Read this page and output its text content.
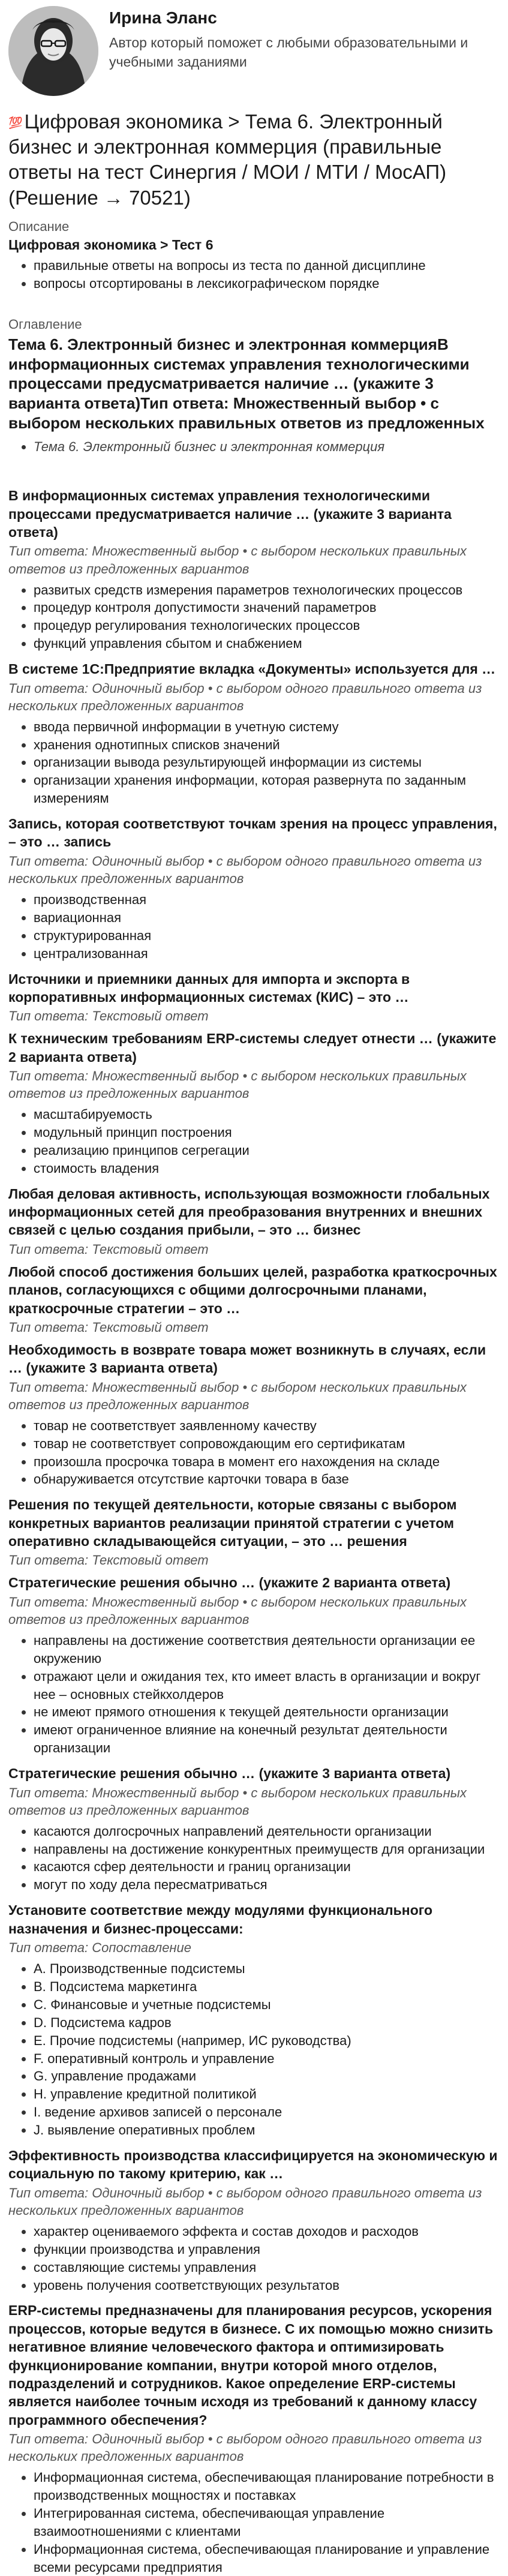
Ирина Эланс

Автор который поможет с любыми образовательными и учебными заданиями

💯Цифровая экономика > Тема 6. Электронный бизнес и электронная коммерция (правильные ответы на тест Синергия / МОИ / МТИ / МосАП) (Решение → 70521)

Описание

Цифровая экономика > Тест 6

• правильные ответы на вопросы из теста по данной дисциплине
• вопросы отсортированы в лексикографическом порядке

Оглавление

Тема 6. Электронный бизнес и электронная коммерцияВ информационных системах управления технологическими процессами предусматривается наличие … (укажите 3 варианта ответа)Тип ответа: Множественный выбор • с выбором нескольких правильных ответов из предложенных

• Тема 6. Электронный бизнес и электронная коммерция

В информационных системах управления технологическими процессами предусматривается наличие … (укажите 3 варианта ответа)

Тип ответа: Множественный выбор • с выбором нескольких правильных ответов из предложенных вариантов

• развитых средств измерения параметров технологических процессов
• процедур контроля допустимости значений параметров
• процедур регулирования технологических процессов
• функций управления сбытом и снабжением

В системе 1С:Предприятие вкладка «Документы» используется для …

Тип ответа: Одиночный выбор • с выбором одного правильного ответа из нескольких предложенных вариантов

• ввода первичной информации в учетную систему
• хранения однотипных списков значений
• организации вывода результирующей информации из системы
• организации хранения информации, которая развернута по заданным измерениям

Запись, которая соответствуют точкам зрения на процесс управления, – это … запись

Тип ответа: Одиночный выбор • с выбором одного правильного ответа из нескольких предложенных вариантов

• производственная
• вариационная
• структурированная
• централизованная

Источники и приемники данных для импорта и экспорта в корпоративных информационных системах (КИС) – это …

Тип ответа: Текстовый ответ

К техническим требованиям ERP-системы следует отнести … (укажите 2 варианта ответа)

Тип ответа: Множественный выбор • с выбором нескольких правильных ответов из предложенных вариантов

• масштабируемость
• модульный принцип построения
• реализацию принципов сегрегации
• стоимость владения

Любая деловая активность, использующая возможности глобальных информационных сетей для преобразования внутренних и внешних связей с целью создания прибыли, – это … бизнес

Тип ответа: Текстовый ответ

Любой способ достижения больших целей, разработка краткосрочных планов, согласующихся с общими долгосрочными планами, краткосрочные стратегии – это …

Тип ответа: Текстовый ответ

Необходимость в возврате товара может возникнуть в случаях, если … (укажите 3 варианта ответа)

Тип ответа: Множественный выбор • с выбором нескольких правильных ответов из предложенных вариантов

• товар не соответствует заявленному качеству
• товар не соответствует сопровождающим его сертификатам
• произошла просрочка товара в момент его нахождения на складе
• обнаруживается отсутствие карточки товара в базе

Решения по текущей деятельности, которые связаны с выбором конкретных вариантов реализации принятой стратегии с учетом оперативно складывающейся ситуации, – это … решения

Тип ответа: Текстовый ответ

Стратегические решения обычно … (укажите 2 варианта ответа)

Тип ответа: Множественный выбор • с выбором нескольких правильных ответов из предложенных вариантов

• направлены на достижение соответствия деятельности организации ее окружению
• отражают цели и ожидания тех, кто имеет власть в организации и вокруг нее – основных стейкхолдеров
• не имеют прямого отношения к текущей деятельности организации
• имеют ограниченное влияние на конечный результат деятельности организации

Стратегические решения обычно … (укажите 3 варианта ответа)

Тип ответа: Множественный выбор • с выбором нескольких правильных ответов из предложенных вариантов

• касаются долгосрочных направлений деятельности организации
• направлены на достижение конкурентных преимуществ для организации
• касаются сфер деятельности и границ организации
• могут по ходу дела пересматриваться

Установите соответствие между модулями функционального назначения и бизнес-процессами:

Тип ответа: Сопоставление

• A. Производственные подсистемы
• B. Подсистема маркетинга
• C. Финансовые и учетные подсистемы
• D. Подсистема кадров
• E. Прочие подсистемы (например, ИС руководства)
• F. оперативный контроль и управление
• G. управление продажами
• H. управление кредитной политикой
• I. ведение архивов записей о персонале
• J. выявление оперативных проблем

Эффективность производства классифицируется на экономическую и социальную по такому критерию, как …

Тип ответа: Одиночный выбор • с выбором одного правильного ответа из нескольких предложенных вариантов

• характер оцениваемого эффекта и состав доходов и расходов
• функции производства и управления
• составляющие системы управления
• уровень получения соответствующих результатов

ERP-системы предназначены для планирования ресурсов, ускорения процессов, которые ведутся в бизнесе. С их помощью можно снизить негативное влияние человеческого фактора и оптимизировать функционирование компании, внутри которой много отделов, подразделений и сотрудников. Какое определение ERP-системы является наиболее точным исходя из требований к данному классу программного обеспечения?

Тип ответа: Одиночный выбор • с выбором одного правильного ответа из нескольких предложенных вариантов

• Информационная система, обеспечивающая планирование потребности в производственных мощностях и поставках
• Интегрированная система, обеспечивающая управление взаимоотношениями с клиентами
• Информационная система, обеспечивающая планирование и управление всеми ресурсами предприятия
